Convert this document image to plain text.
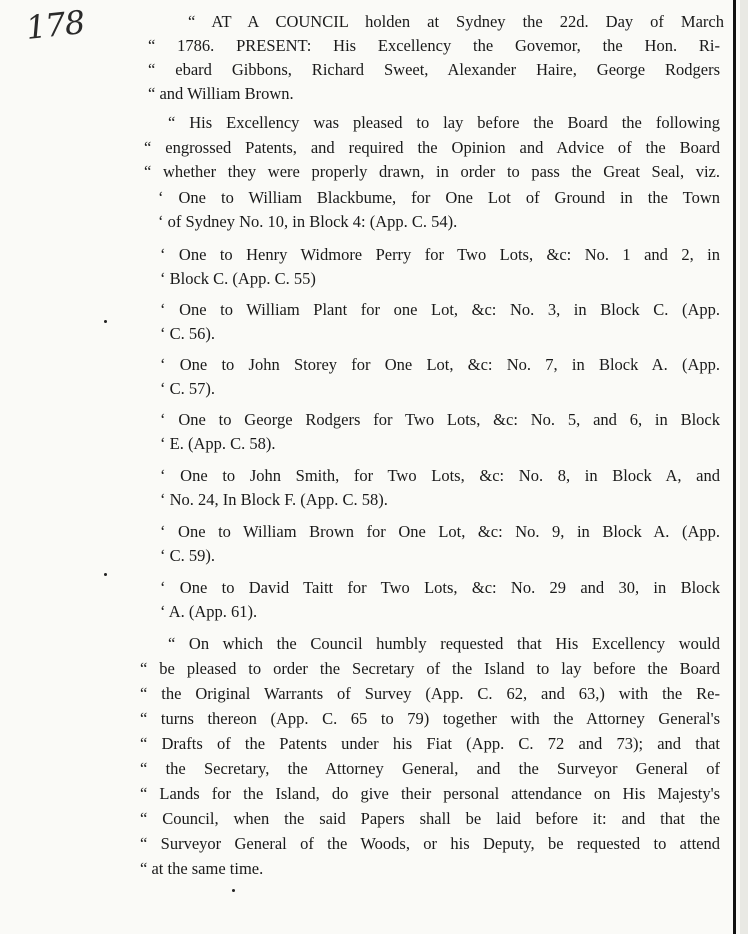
178	“ AT A COUNCIL holden at Sydney the 22d. Day of March
“ 1786. PRESENT: His Excellency the Govemor, the Hon. Ri-
“ ebard Gibbons, Richard Sweet, Alexander Haire, George Rodgers
“ and William Brown.
“ His Excellency was pleased to lay before the Board the following
“ engrossed Patents, and required the Opinion and Advice of the Board
“ whether they were properly drawn, in order to pass the Great Seal, viz.
‘ One to William Blackbume, for One Lot of Ground in the Town
‘ of Sydney No. 10, in Block 4: (App. C. 54).
‘ One to Henry Widmore Perry for Two Lots, &c: No. 1 and 2, in
‘ Block C. (App. C. 55)
‘ One to William Plant for one Lot, &c: No. 3, in Block C. (App.
‘ C. 56).
‘ One to John Storey for One Lot, &c: No. 7, in Block A. (App.
‘ C. 57).
‘ One to George Rodgers for Two Lots, &c: No. 5, and 6, in Block
‘ E. (App. C. 58).
‘ One to John Smith, for Two Lots, &c: No. 8, in Block A, and
‘ No. 24, In Block F. (App. C. 58).
‘ One to William Brown for One Lot, &c: No. 9, in Block A. (App.
‘ C. 59).
‘ One to David Taitt for Two Lots, &c: No. 29 and 30, in Block
‘ A. (App. 61).
“ On which the Council humbly requested that His Excellency would
“ be pleased to order the Secretary of the Island to lay before the Board
“ the Original Warrants of Survey (App. C. 62, and 63,) with the Re-
“ turns thereon (App. C. 65 to 79) together with the Attorney General's
“ Drafts of the Patents under his Fiat (App. C. 72 and 73); and that
“ the Secretary, the Attorney General, and the Surveyor General of
“ Lands for the Island, do give their personal attendance on His Majesty's
“ Council, when the said Papers shall be laid before it: and that the
“ Surveyor General of the Woods, or his Deputy, be requested to attend
“ at the same time.
